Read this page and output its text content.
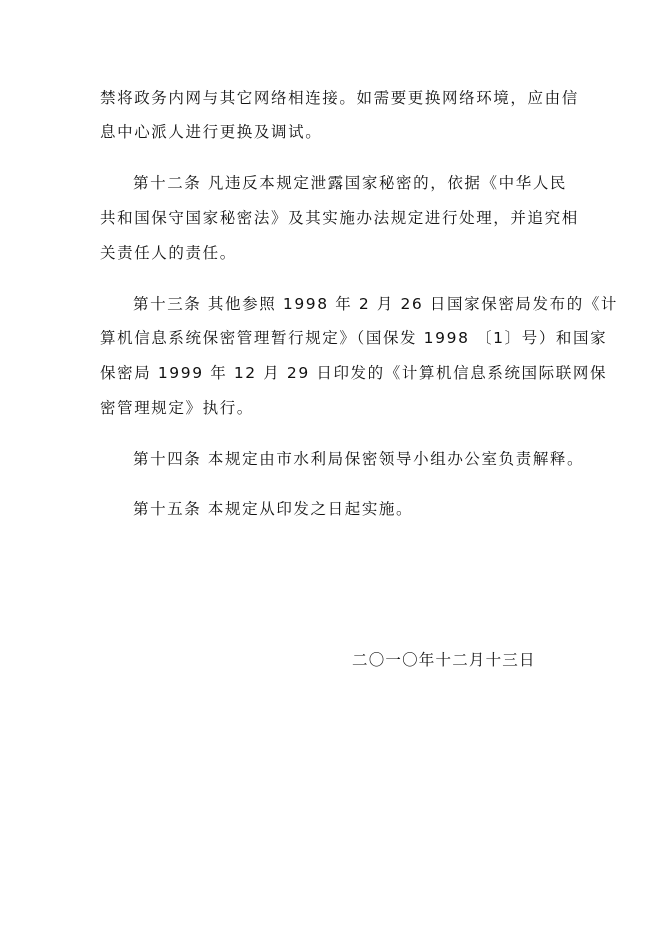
禁将政务内网与其它网络相连接。如需要更换网络环境，应由信
息中心派人进行更换及调试。
第十二条 凡违反本规定泄露国家秘密的，依据《中华人民
共和国保守国家秘密法》及其实施办法规定进行处理，并追究相
关责任人的责任。
第十三条 其他参照 1998 年 2 月 26 日国家保密局发布的《计
算机信息系统保密管理暂行规定》（国保发 1998 〔1〕号）和国家
保密局 1999 年 12 月 29 日印发的《计算机信息系统国际联网保
密管理规定》执行。
第十四条 本规定由市水利局保密领导小组办公室负责解释。
第十五条 本规定从印发之日起实施。
二〇一〇年十二月十三日
